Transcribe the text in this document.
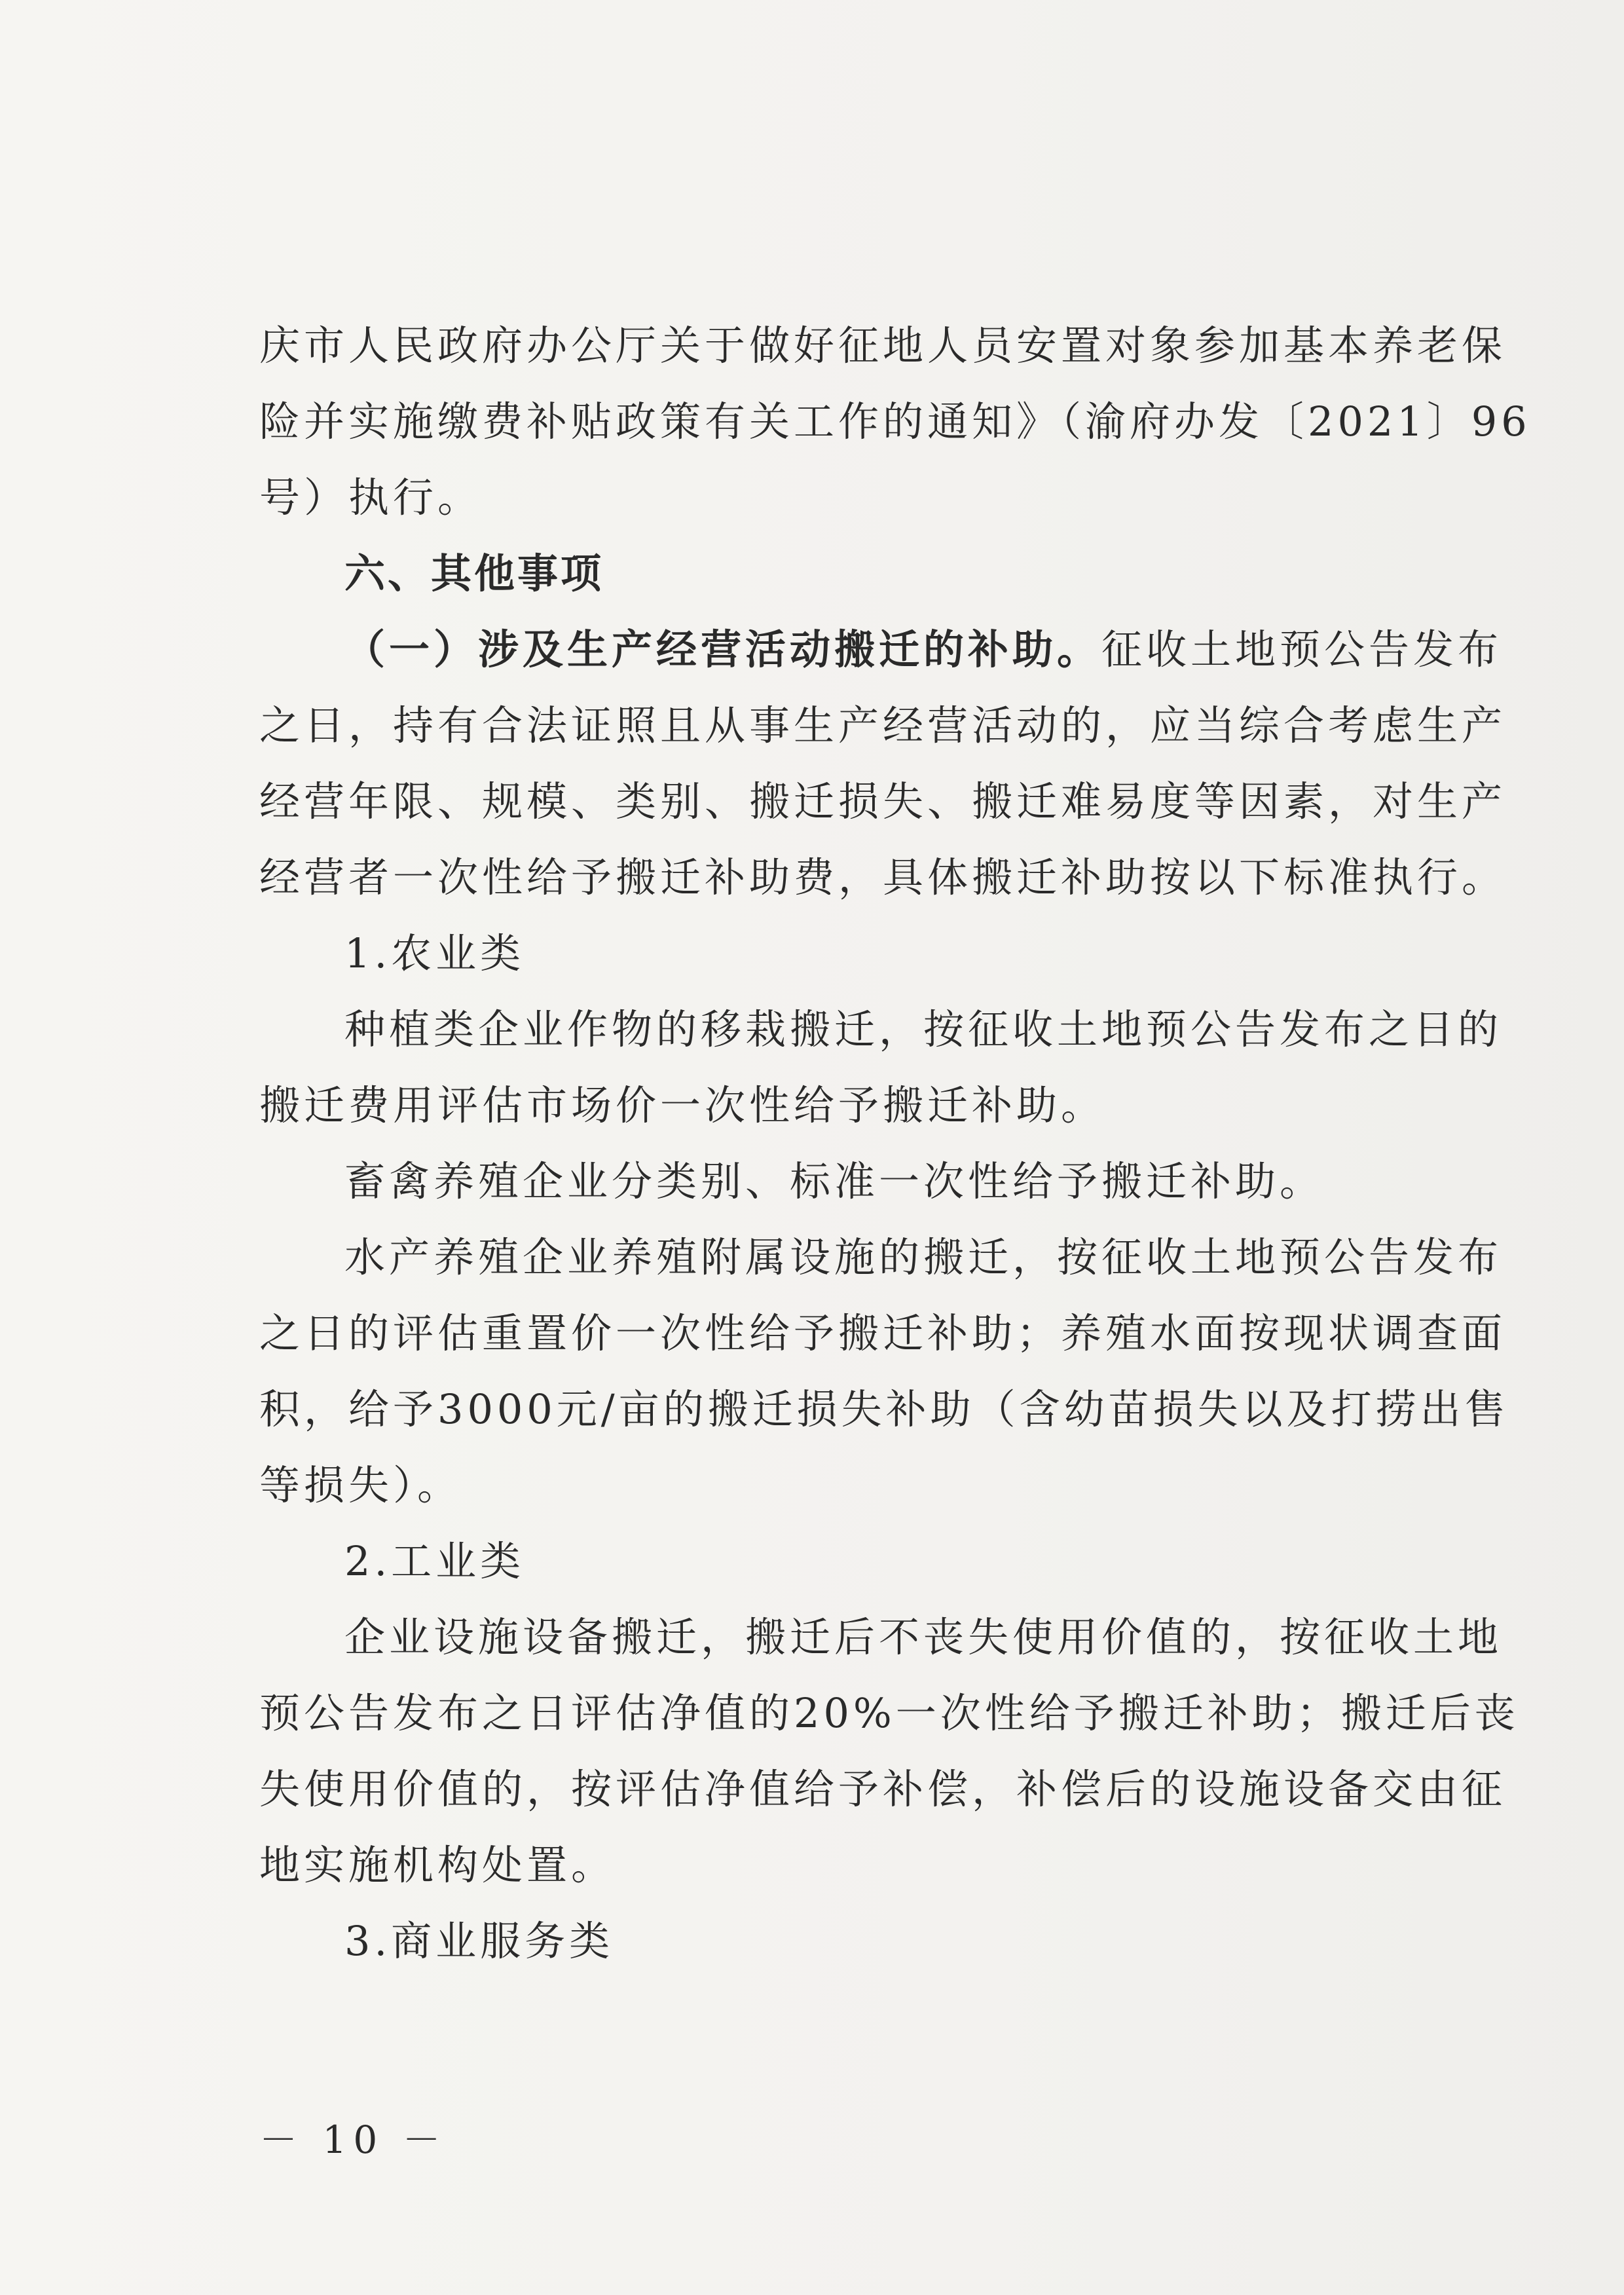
庆市人民政府办公厅关于做好征地人员安置对象参加基本养老保
险并实施缴费补贴政策有关工作的通知》（渝府办发〔2021〕96
号）执行。
六、其他事项
（一）涉及生产经营活动搬迁的补助。征收土地预公告发布
之日，持有合法证照且从事生产经营活动的，应当综合考虑生产
经营年限、规模、类别、搬迁损失、搬迁难易度等因素，对生产
经营者一次性给予搬迁补助费，具体搬迁补助按以下标准执行。
1.农业类
种植类企业作物的移栽搬迁，按征收土地预公告发布之日的
搬迁费用评估市场价一次性给予搬迁补助。
畜禽养殖企业分类别、标准一次性给予搬迁补助。
水产养殖企业养殖附属设施的搬迁，按征收土地预公告发布
之日的评估重置价一次性给予搬迁补助；养殖水面按现状调查面
积，给予3000元/亩的搬迁损失补助（含幼苗损失以及打捞出售
等损失）。
2.工业类
企业设施设备搬迁，搬迁后不丧失使用价值的，按征收土地
预公告发布之日评估净值的20%一次性给予搬迁补助；搬迁后丧
失使用价值的，按评估净值给予补偿，补偿后的设施设备交由征
地实施机构处置。
3.商业服务类
－ 10 －
